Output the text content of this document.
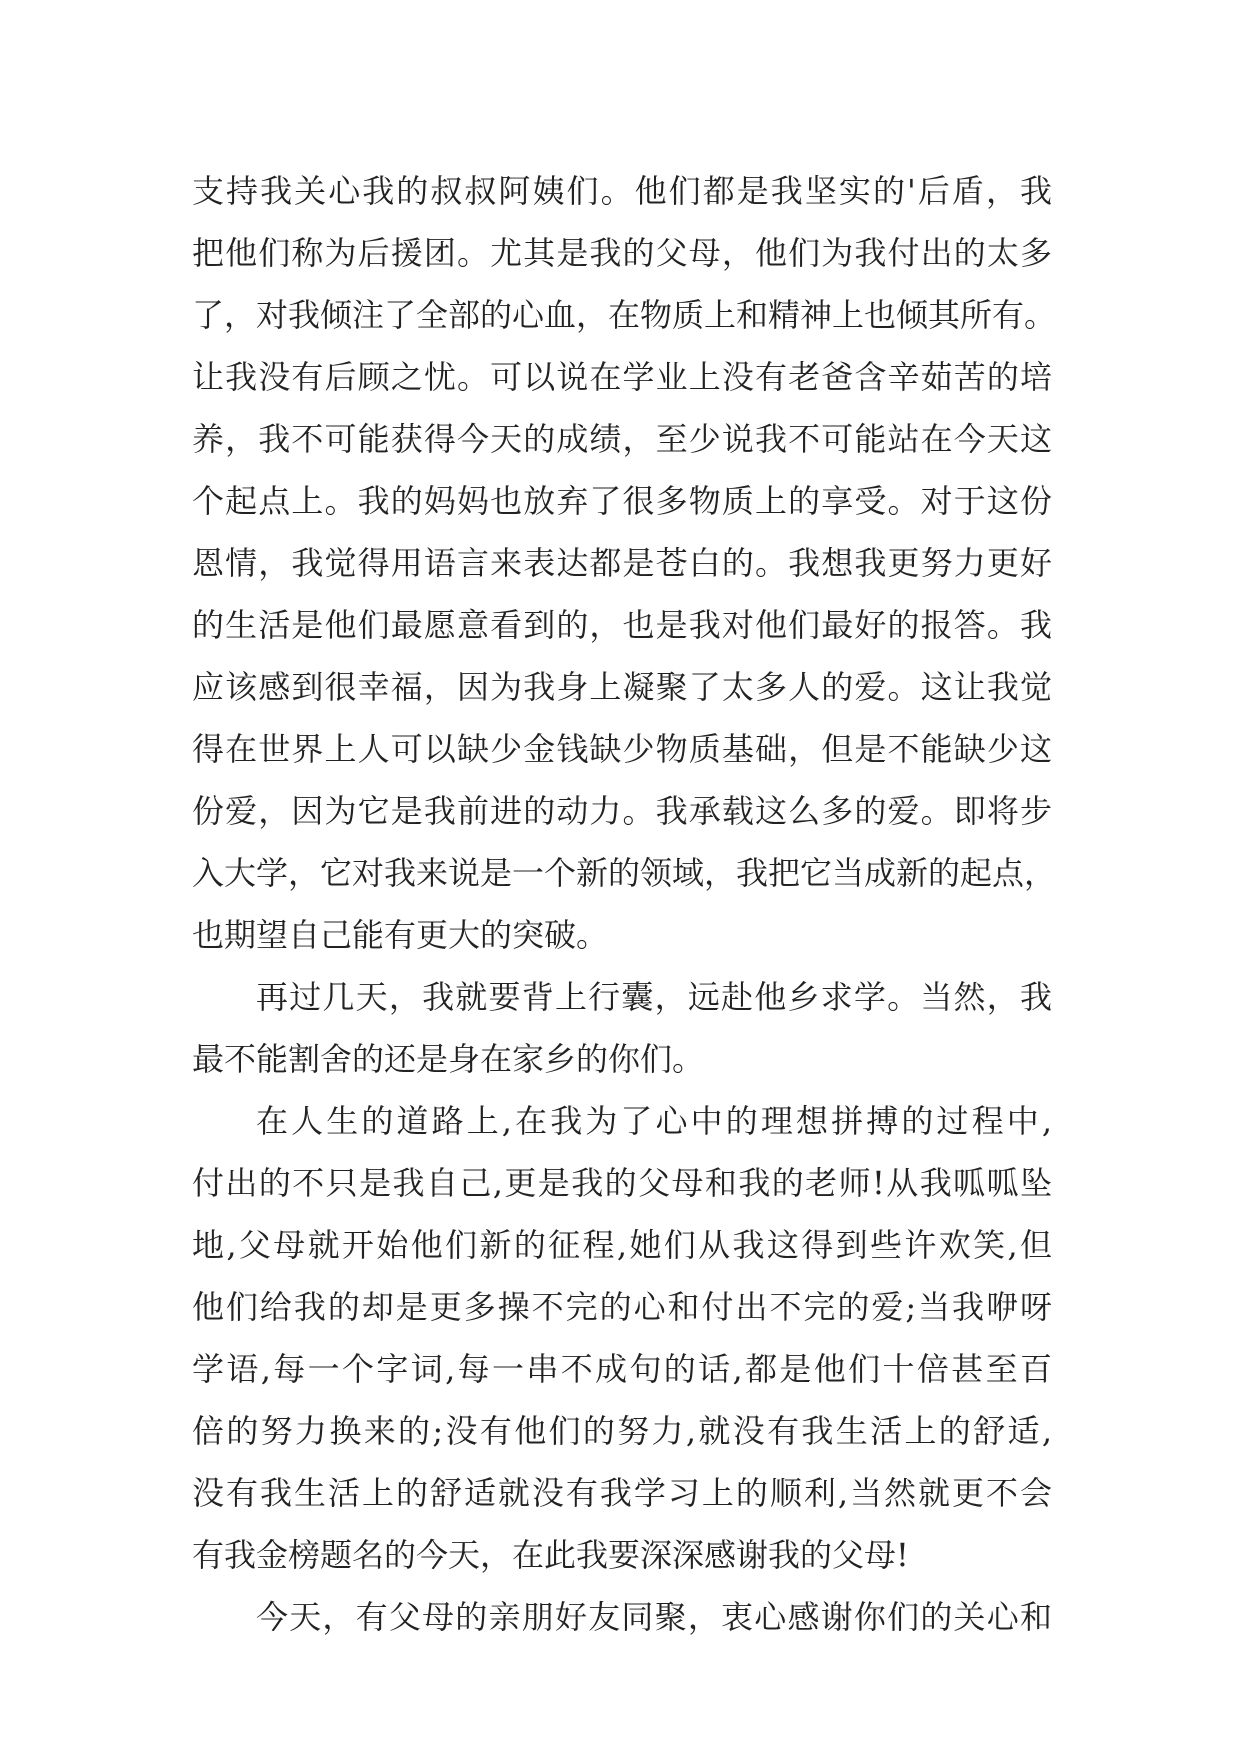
支持我关心我的叔叔阿姨们。他们都是我坚实的'后盾，我
把他们称为后援团。尤其是我的父母，他们为我付出的太多
了，对我倾注了全部的心血，在物质上和精神上也倾其所有。
让我没有后顾之忧。可以说在学业上没有老爸含辛茹苦的培
养，我不可能获得今天的成绩，至少说我不可能站在今天这
个起点上。我的妈妈也放弃了很多物质上的享受。对于这份
恩情，我觉得用语言来表达都是苍白的。我想我更努力更好
的生活是他们最愿意看到的，也是我对他们最好的报答。我
应该感到很幸福，因为我身上凝聚了太多人的爱。这让我觉
得在世界上人可以缺少金钱缺少物质基础，但是不能缺少这
份爱，因为它是我前进的动力。我承载这么多的爱。即将步
入大学，它对我来说是一个新的领域，我把它当成新的起点，
也期望自己能有更大的突破。
再过几天，我就要背上行囊，远赴他乡求学。当然，我
最不能割舍的还是身在家乡的你们。
在人生的道路上,在我为了心中的理想拼搏的过程中,
付出的不只是我自己,更是我的父母和我的老师!从我呱呱坠
地,父母就开始他们新的征程,她们从我这得到些许欢笑,但
他们给我的却是更多操不完的心和付出不完的爱;当我咿呀
学语,每一个字词,每一串不成句的话,都是他们十倍甚至百
倍的努力换来的;没有他们的努力,就没有我生活上的舒适,
没有我生活上的舒适就没有我学习上的顺利,当然就更不会
有我金榜题名的今天，在此我要深深感谢我的父母!
今天，有父母的亲朋好友同聚，衷心感谢你们的关心和
